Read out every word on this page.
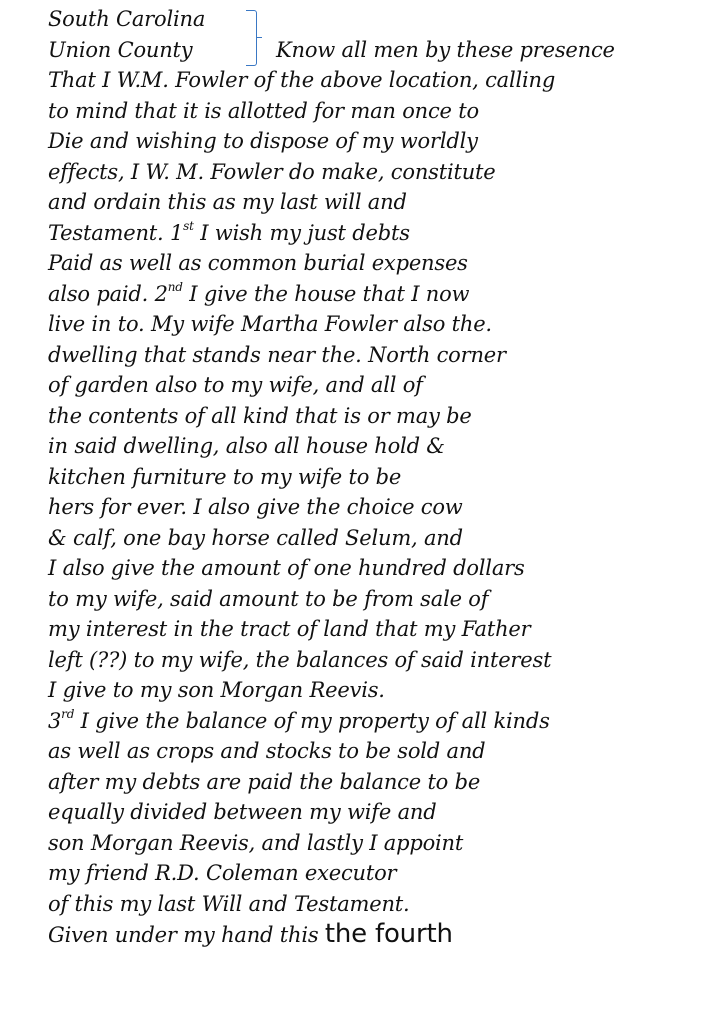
South Carolina
Union County	Know all men by these presence
That I W.M. Fowler of the above location, calling
to mind that it is allotted for man once to
Die and wishing to dispose of my worldly
effects, I W. M. Fowler do make, constitute
and ordain this as my last will and
Testament. 1st I wish my just debts
Paid as well as common burial expenses
also paid. 2nd I give the house that I now
live in to. My wife Martha Fowler also the.
dwelling that stands near the. North corner
of garden also to my wife, and all of
the contents of all kind that is or may be
in said dwelling, also all house hold &
kitchen furniture to my wife to be
hers for ever. I also give the choice cow
& calf, one bay horse called Selum, and
I also give the amount of one hundred dollars
to my wife, said amount to be from sale of
my interest in the tract of land that my Father
left (??) to my wife, the balances of said interest
I give to my son Morgan Reevis.
3rd I give the balance of my property of all kinds
as well as crops and stocks to be sold and
after my debts are paid the balance to be
equally divided between my wife and
son Morgan Reevis, and lastly I appoint
my friend R.D. Coleman executor
of this my last Will and Testament.
Given under my hand this the fourth
